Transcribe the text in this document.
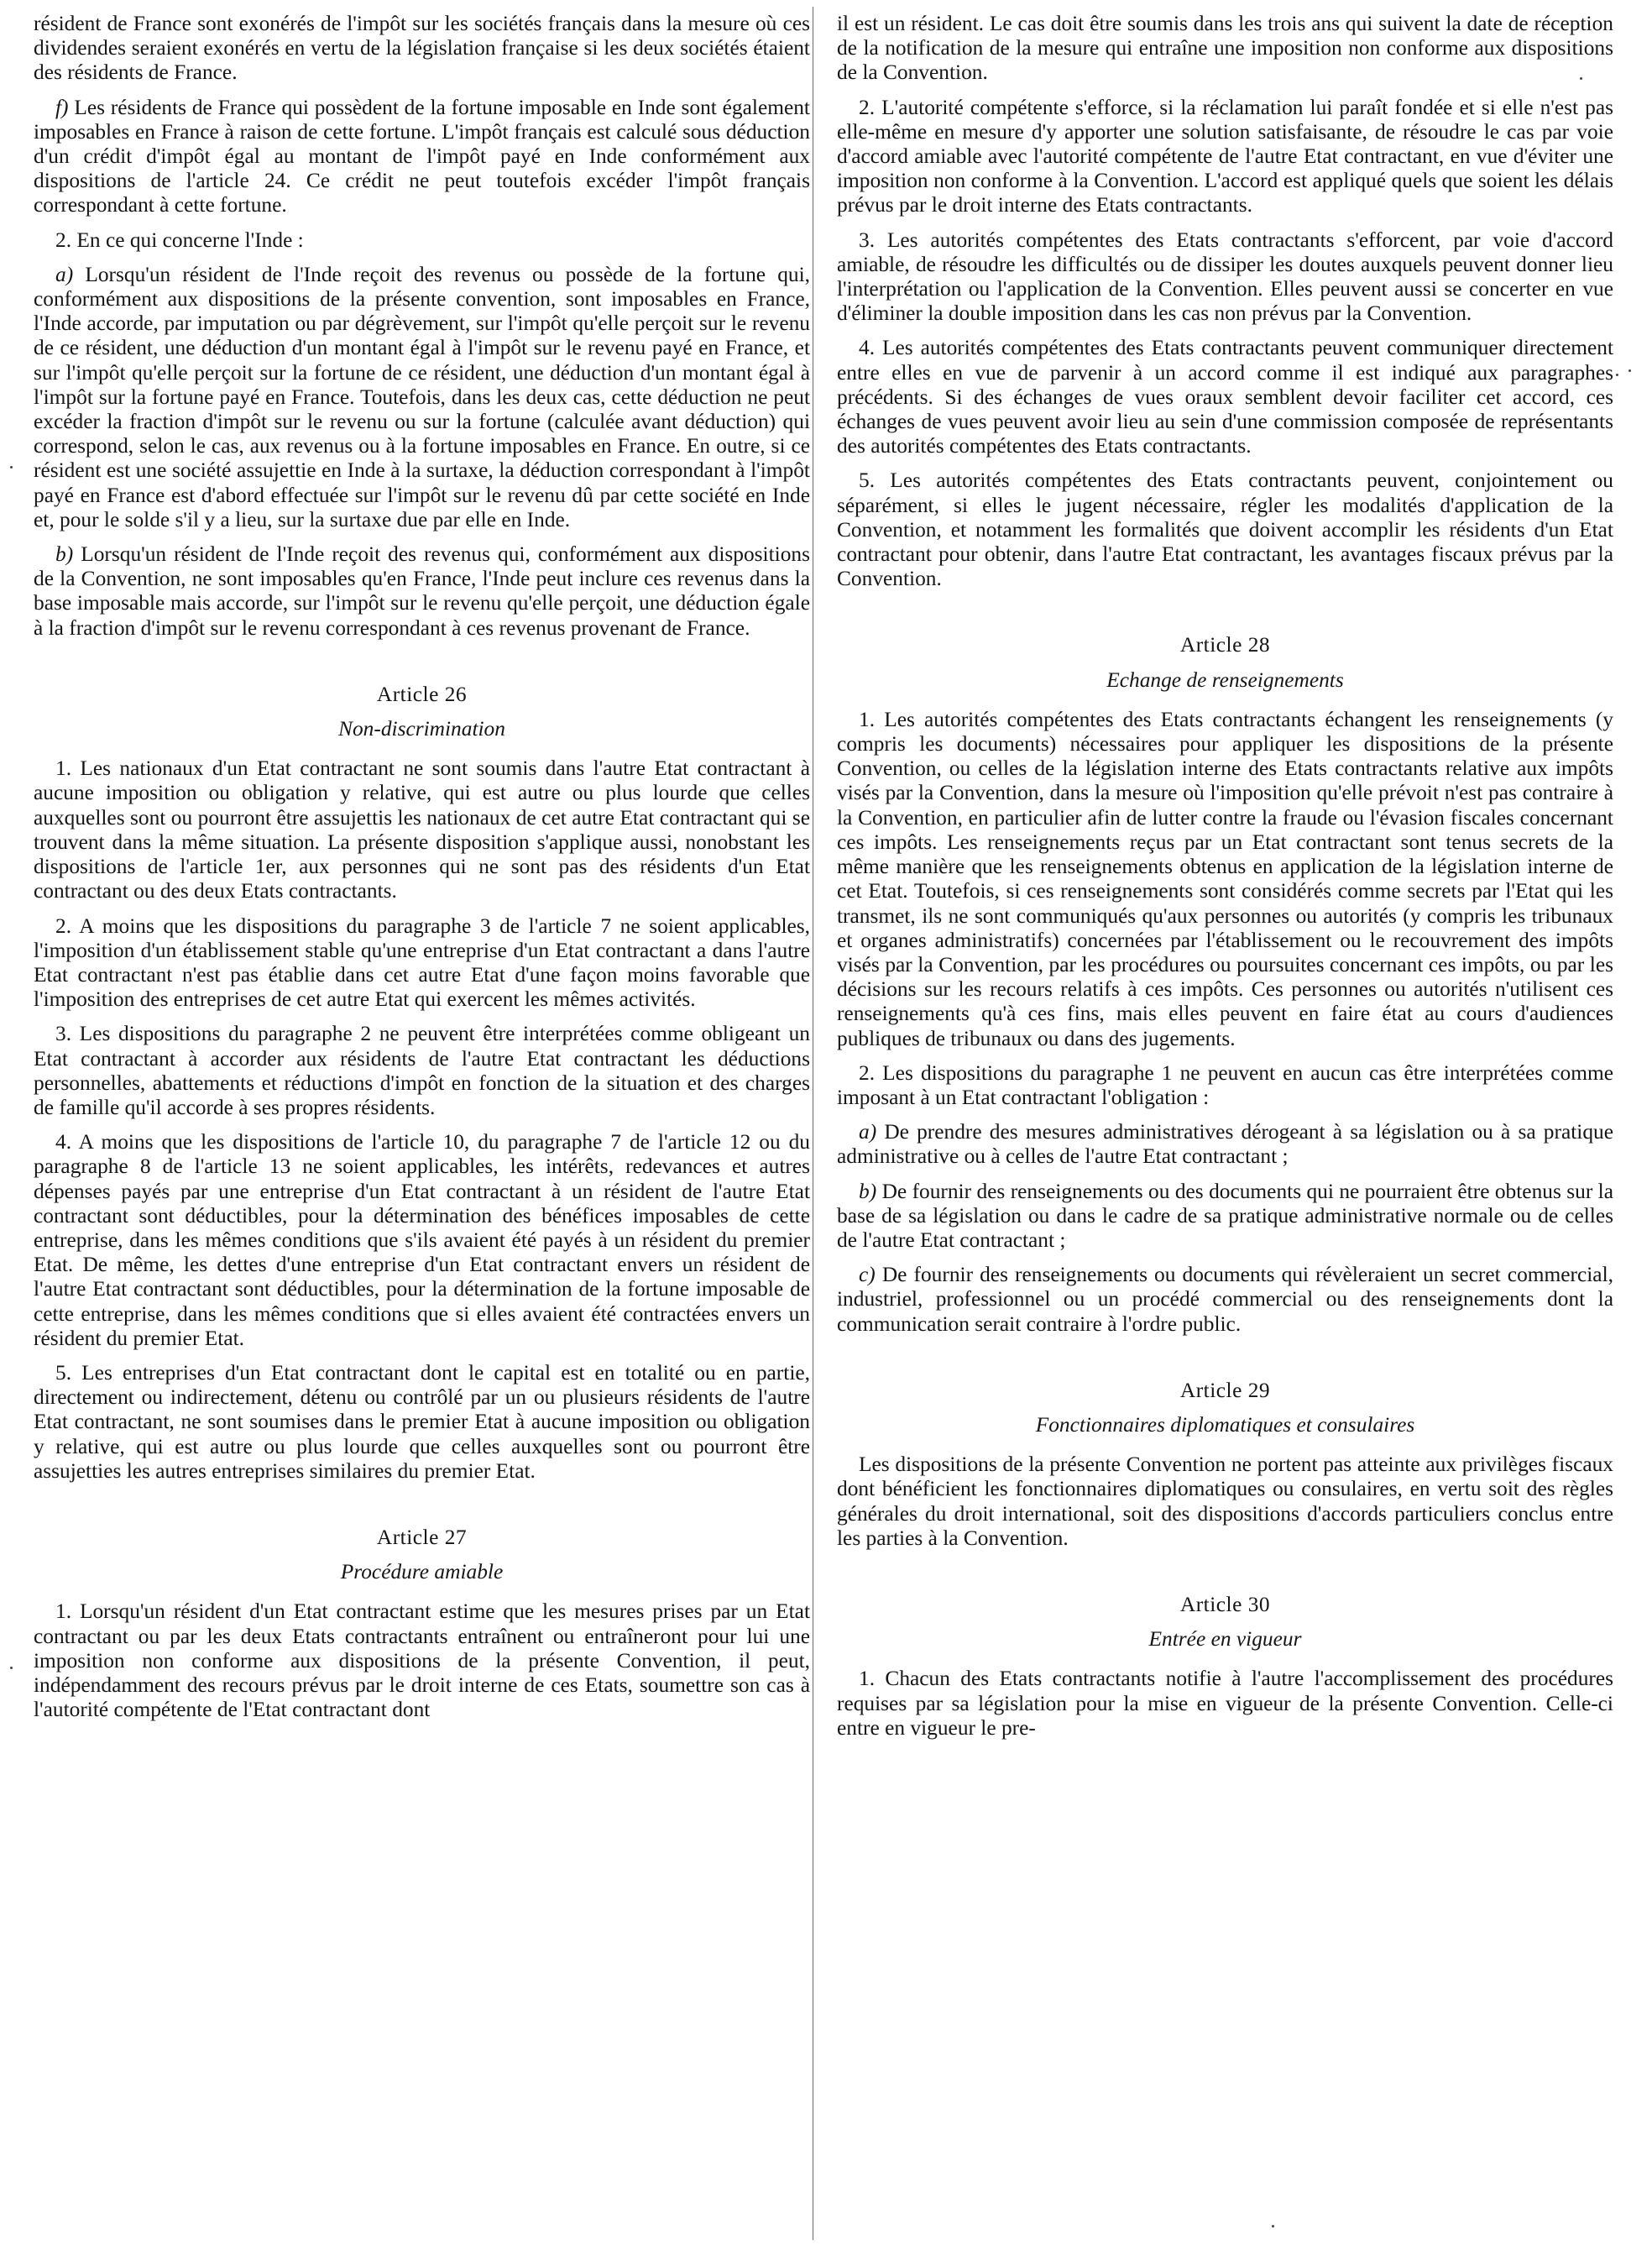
résident de France sont exonérés de l'impôt sur les sociétés français dans la mesure où ces dividendes seraient exonérés en vertu de la législation française si les deux sociétés étaient des résidents de France.

f) Les résidents de France qui possèdent de la fortune imposable en Inde sont également imposables en France à raison de cette fortune. L'impôt français est calculé sous déduction d'un crédit d'impôt égal au montant de l'impôt payé en Inde conformément aux dispositions de l'article 24. Ce crédit ne peut toutefois excéder l'impôt français correspondant à cette fortune.

2. En ce qui concerne l'Inde :

a) Lorsqu'un résident de l'Inde reçoit des revenus ou possède de la fortune qui, conformément aux dispositions de la présente convention, sont imposables en France, l'Inde accorde, par imputation ou par dégrèvement, sur l'impôt qu'elle perçoit sur le revenu de ce résident, une déduction d'un montant égal à l'impôt sur le revenu payé en France, et sur l'impôt qu'elle perçoit sur la fortune de ce résident, une déduction d'un montant égal à l'impôt sur la fortune payé en France. Toutefois, dans les deux cas, cette déduction ne peut excéder la fraction d'impôt sur le revenu ou sur la fortune (calculée avant déduction) qui correspond, selon le cas, aux revenus ou à la fortune imposables en France. En outre, si ce résident est une société assujettie en Inde à la surtaxe, la déduction correspondant à l'impôt payé en France est d'abord effectuée sur l'impôt sur le revenu dû par cette société en Inde et, pour le solde s'il y a lieu, sur la surtaxe due par elle en Inde.

b) Lorsqu'un résident de l'Inde reçoit des revenus qui, conformément aux dispositions de la Convention, ne sont imposables qu'en France, l'Inde peut inclure ces revenus dans la base imposable mais accorde, sur l'impôt sur le revenu qu'elle perçoit, une déduction égale à la fraction d'impôt sur le revenu correspondant à ces revenus provenant de France.

Article 26
Non-discrimination

1. Les nationaux d'un Etat contractant ne sont soumis dans l'autre Etat contractant à aucune imposition ou obligation y relative, qui est autre ou plus lourde que celles auxquelles sont ou pourront être assujettis les nationaux de cet autre Etat contractant qui se trouvent dans la même situation. La présente disposition s'applique aussi, nonobstant les dispositions de l'article 1er, aux personnes qui ne sont pas des résidents d'un Etat contractant ou des deux Etats contractants.

2. A moins que les dispositions du paragraphe 3 de l'article 7 ne soient applicables, l'imposition d'un établissement stable qu'une entreprise d'un Etat contractant a dans l'autre Etat contractant n'est pas établie dans cet autre Etat d'une façon moins favorable que l'imposition des entreprises de cet autre Etat qui exercent les mêmes activités.

3. Les dispositions du paragraphe 2 ne peuvent être interprétées comme obligeant un Etat contractant à accorder aux résidents de l'autre Etat contractant les déductions personnelles, abattements et réductions d'impôt en fonction de la situation et des charges de famille qu'il accorde à ses propres résidents.

4. A moins que les dispositions de l'article 10, du paragraphe 7 de l'article 12 ou du paragraphe 8 de l'article 13 ne soient applicables, les intérêts, redevances et autres dépenses payés par une entreprise d'un Etat contractant à un résident de l'autre Etat contractant sont déductibles, pour la détermination des bénéfices imposables de cette entreprise, dans les mêmes conditions que s'ils avaient été payés à un résident du premier Etat. De même, les dettes d'une entreprise d'un Etat contractant envers un résident de l'autre Etat contractant sont déductibles, pour la détermination de la fortune imposable de cette entreprise, dans les mêmes conditions que si elles avaient été contractées envers un résident du premier Etat.

5. Les entreprises d'un Etat contractant dont le capital est en totalité ou en partie, directement ou indirectement, détenu ou contrôlé par un ou plusieurs résidents de l'autre Etat contractant, ne sont soumises dans le premier Etat à aucune imposition ou obligation y relative, qui est autre ou plus lourde que celles auxquelles sont ou pourront être assujetties les autres entreprises similaires du premier Etat.

Article 27
Procédure amiable

1. Lorsqu'un résident d'un Etat contractant estime que les mesures prises par un Etat contractant ou par les deux Etats contractants entraînent ou entraîneront pour lui une imposition non conforme aux dispositions de la présente Convention, il peut, indépendamment des recours prévus par le droit interne de ces Etats, soumettre son cas à l'autorité compétente de l'Etat contractant dont

il est un résident. Le cas doit être soumis dans les trois ans qui suivent la date de réception de la notification de la mesure qui entraîne une imposition non conforme aux dispositions de la Convention.

2. L'autorité compétente s'efforce, si la réclamation lui paraît fondée et si elle n'est pas elle-même en mesure d'y apporter une solution satisfaisante, de résoudre le cas par voie d'accord amiable avec l'autorité compétente de l'autre Etat contractant, en vue d'éviter une imposition non conforme à la Convention. L'accord est appliqué quels que soient les délais prévus par le droit interne des Etats contractants.

3. Les autorités compétentes des Etats contractants s'efforcent, par voie d'accord amiable, de résoudre les difficultés ou de dissiper les doutes auxquels peuvent donner lieu l'interprétation ou l'application de la Convention. Elles peuvent aussi se concerter en vue d'éliminer la double imposition dans les cas non prévus par la Convention.

4. Les autorités compétentes des Etats contractants peuvent communiquer directement entre elles en vue de parvenir à un accord comme il est indiqué aux paragraphes précédents. Si des échanges de vues oraux semblent devoir faciliter cet accord, ces échanges de vues peuvent avoir lieu au sein d'une commission composée de représentants des autorités compétentes des Etats contractants.

5. Les autorités compétentes des Etats contractants peuvent, conjointement ou séparément, si elles le jugent nécessaire, régler les modalités d'application de la Convention, et notamment les formalités que doivent accomplir les résidents d'un Etat contractant pour obtenir, dans l'autre Etat contractant, les avantages fiscaux prévus par la Convention.

Article 28
Echange de renseignements

1. Les autorités compétentes des Etats contractants échangent les renseignements (y compris les documents) nécessaires pour appliquer les dispositions de la présente Convention, ou celles de la législation interne des Etats contractants relative aux impôts visés par la Convention, dans la mesure où l'imposition qu'elle prévoit n'est pas contraire à la Convention, en particulier afin de lutter contre la fraude ou l'évasion fiscales concernant ces impôts. Les renseignements reçus par un Etat contractant sont tenus secrets de la même manière que les renseignements obtenus en application de la législation interne de cet Etat. Toutefois, si ces renseignements sont considérés comme secrets par l'Etat qui les transmet, ils ne sont communiqués qu'aux personnes ou autorités (y compris les tribunaux et organes administratifs) concernées par l'établissement ou le recouvrement des impôts visés par la Convention, par les procédures ou poursuites concernant ces impôts, ou par les décisions sur les recours relatifs à ces impôts. Ces personnes ou autorités n'utilisent ces renseignements qu'à ces fins, mais elles peuvent en faire état au cours d'audiences publiques de tribunaux ou dans des jugements.

2. Les dispositions du paragraphe 1 ne peuvent en aucun cas être interprétées comme imposant à un Etat contractant l'obligation :

a) De prendre des mesures administratives dérogeant à sa législation ou à sa pratique administrative ou à celles de l'autre Etat contractant ;

b) De fournir des renseignements ou des documents qui ne pourraient être obtenus sur la base de sa législation ou dans le cadre de sa pratique administrative normale ou de celles de l'autre Etat contractant ;

c) De fournir des renseignements ou documents qui révèleraient un secret commercial, industriel, professionnel ou un procédé commercial ou des renseignements dont la communication serait contraire à l'ordre public.

Article 29
Fonctionnaires diplomatiques et consulaires

Les dispositions de la présente Convention ne portent pas atteinte aux privilèges fiscaux dont bénéficient les fonctionnaires diplomatiques ou consulaires, en vertu soit des règles générales du droit international, soit des dispositions d'accords particuliers conclus entre les parties à la Convention.

Article 30
Entrée en vigueur

1. Chacun des Etats contractants notifie à l'autre l'accomplissement des procédures requises par sa législation pour la mise en vigueur de la présente Convention. Celle-ci entre en vigueur le pre-
